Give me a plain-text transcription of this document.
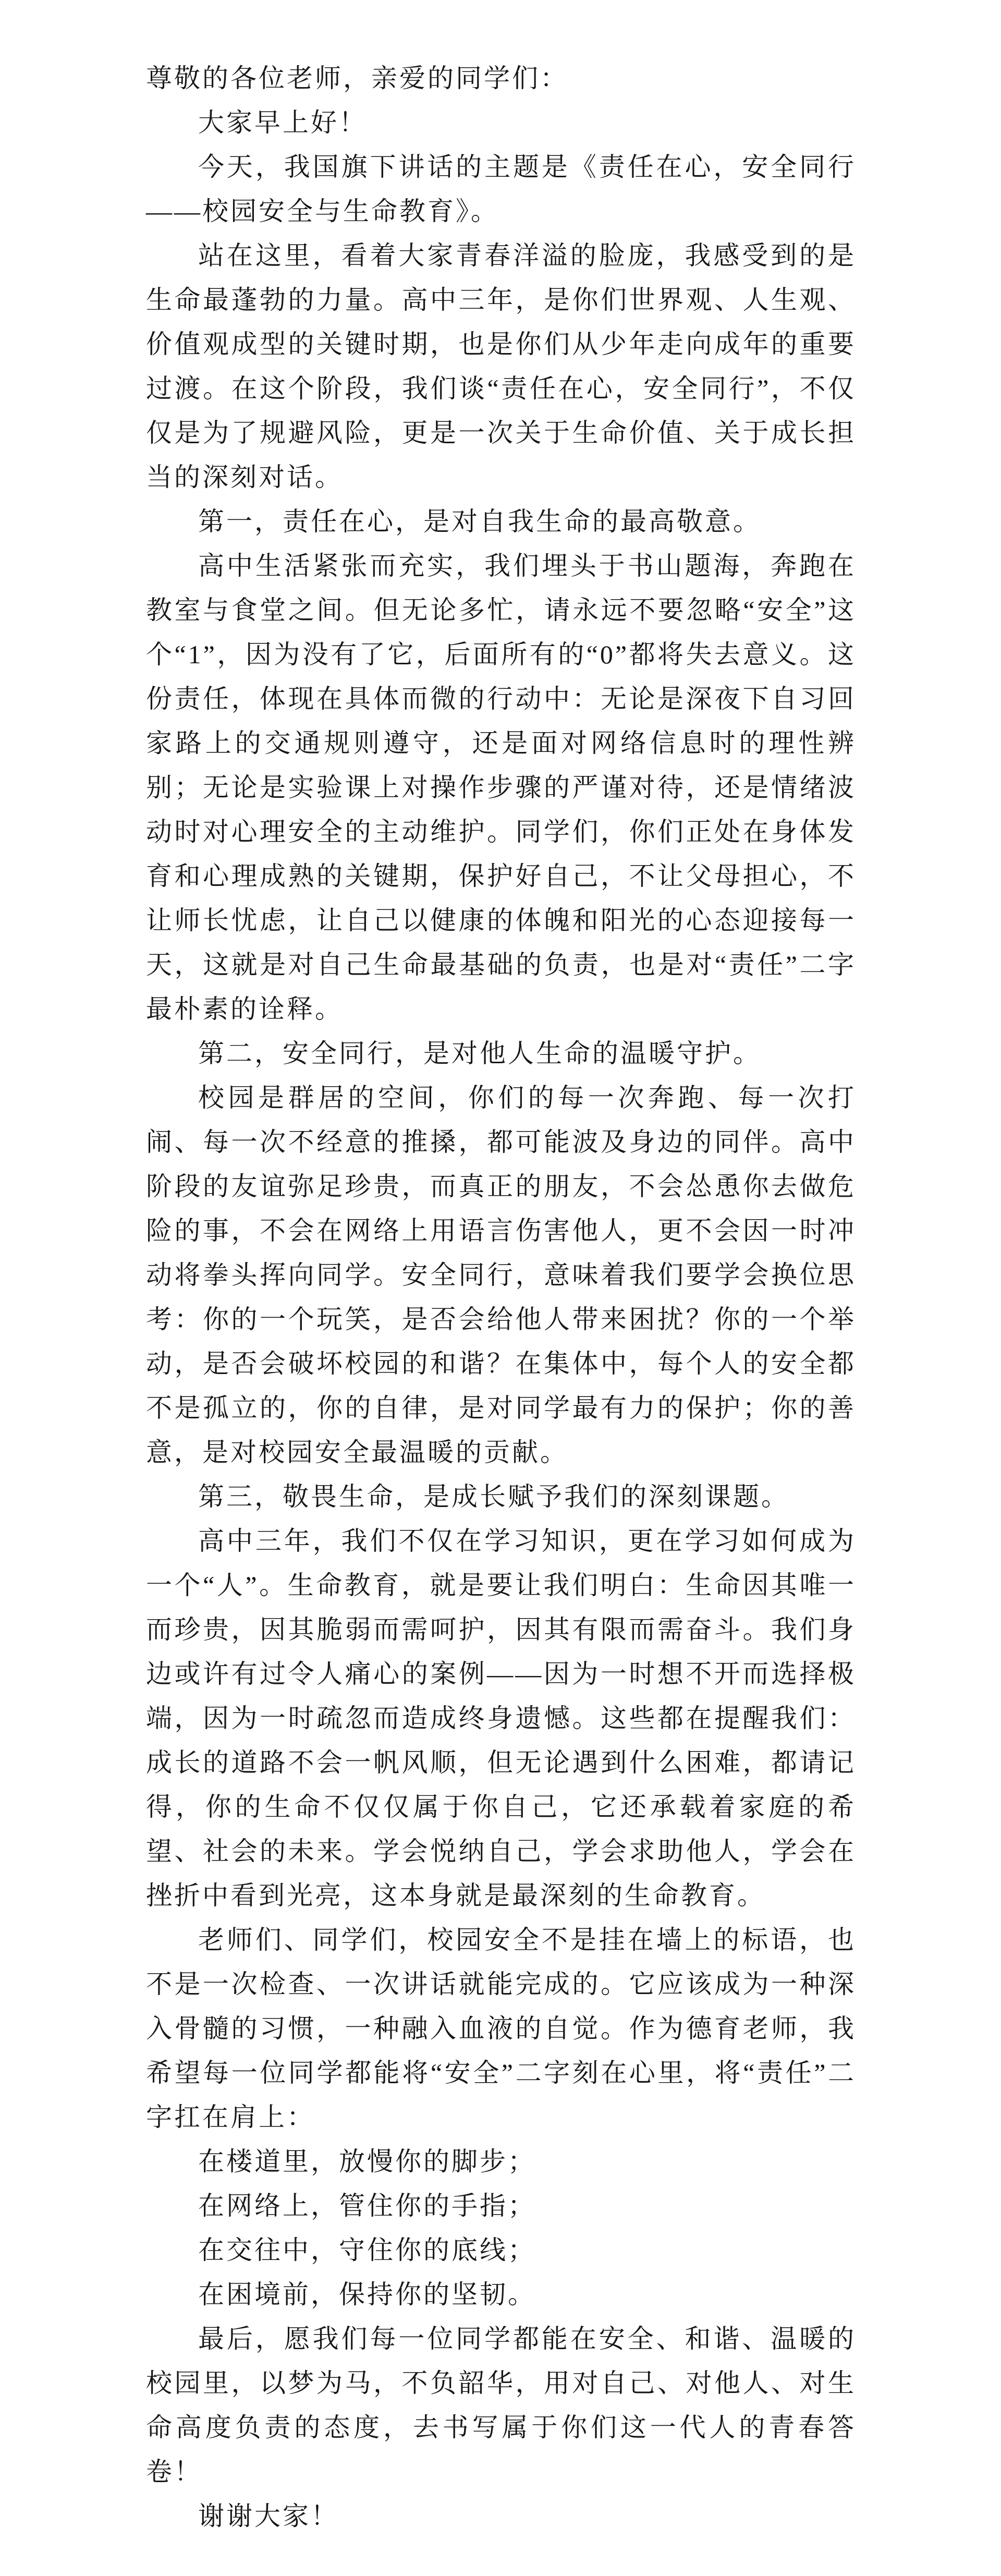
尊敬的各位老师，亲爱的同学们：

大家早上好！

今天，我国旗下讲话的主题是《责任在心，安全同行——校园安全与生命教育》。

站在这里，看着大家青春洋溢的脸庞，我感受到的是生命最蓬勃的力量。高中三年，是你们世界观、人生观、价值观成型的关键时期，也是你们从少年走向成年的重要过渡。在这个阶段，我们谈“责任在心，安全同行”，不仅仅是为了规避风险，更是一次关于生命价值、关于成长担当的深刻对话。

第一，责任在心，是对自我生命的最高敬意。

高中生活紧张而充实，我们埋头于书山题海，奔跑在教室与食堂之间。但无论多忙，请永远不要忽略“安全”这个“1”，因为没有了它，后面所有的“0”都将失去意义。这份责任，体现在具体而微的行动中：无论是深夜下自习回家路上的交通规则遵守，还是面对网络信息时的理性辨别；无论是实验课上对操作步骤的严谨对待，还是情绪波动时对心理安全的主动维护。同学们，你们正处在身体发育和心理成熟的关键期，保护好自己，不让父母担心，不让师长忧虑，让自己以健康的体魄和阳光的心态迎接每一天，这就是对自己生命最基础的负责，也是对“责任”二字最朴素的诠释。

第二，安全同行，是对他人生命的温暖守护。

校园是群居的空间，你们的每一次奔跑、每一次打闹、每一次不经意的推搡，都可能波及身边的同伴。高中阶段的友谊弥足珍贵，而真正的朋友，不会怂恿你去做危险的事，不会在网络上用语言伤害他人，更不会因一时冲动将拳头挥向同学。安全同行，意味着我们要学会换位思考：你的一个玩笑，是否会给他人带来困扰？你的一个举动，是否会破坏校园的和谐？在集体中，每个人的安全都不是孤立的，你的自律，是对同学最有力的保护；你的善意，是对校园安全最温暖的贡献。

第三，敬畏生命，是成长赋予我们的深刻课题。

高中三年，我们不仅在学习知识，更在学习如何成为一个“人”。生命教育，就是要让我们明白：生命因其唯一而珍贵，因其脆弱而需呵护，因其有限而需奋斗。我们身边或许有过令人痛心的案例——因为一时想不开而选择极端，因为一时疏忽而造成终身遗憾。这些都在提醒我们：成长的道路不会一帆风顺，但无论遇到什么困难，都请记得，你的生命不仅仅属于你自己，它还承载着家庭的希望、社会的未来。学会悦纳自己，学会求助他人，学会在挫折中看到光亮，这本身就是最深刻的生命教育。

老师们、同学们，校园安全不是挂在墙上的标语，也不是一次检查、一次讲话就能完成的。它应该成为一种深入骨髓的习惯，一种融入血液的自觉。作为德育老师，我希望每一位同学都能将“安全”二字刻在心里，将“责任”二字扛在肩上：

在楼道里，放慢你的脚步；

在网络上，管住你的手指；

在交往中，守住你的底线；

在困境前，保持你的坚韧。

最后，愿我们每一位同学都能在安全、和谐、温暖的校园里，以梦为马，不负韶华，用对自己、对他人、对生命高度负责的态度，去书写属于你们这一代人的青春答卷！

谢谢大家！
